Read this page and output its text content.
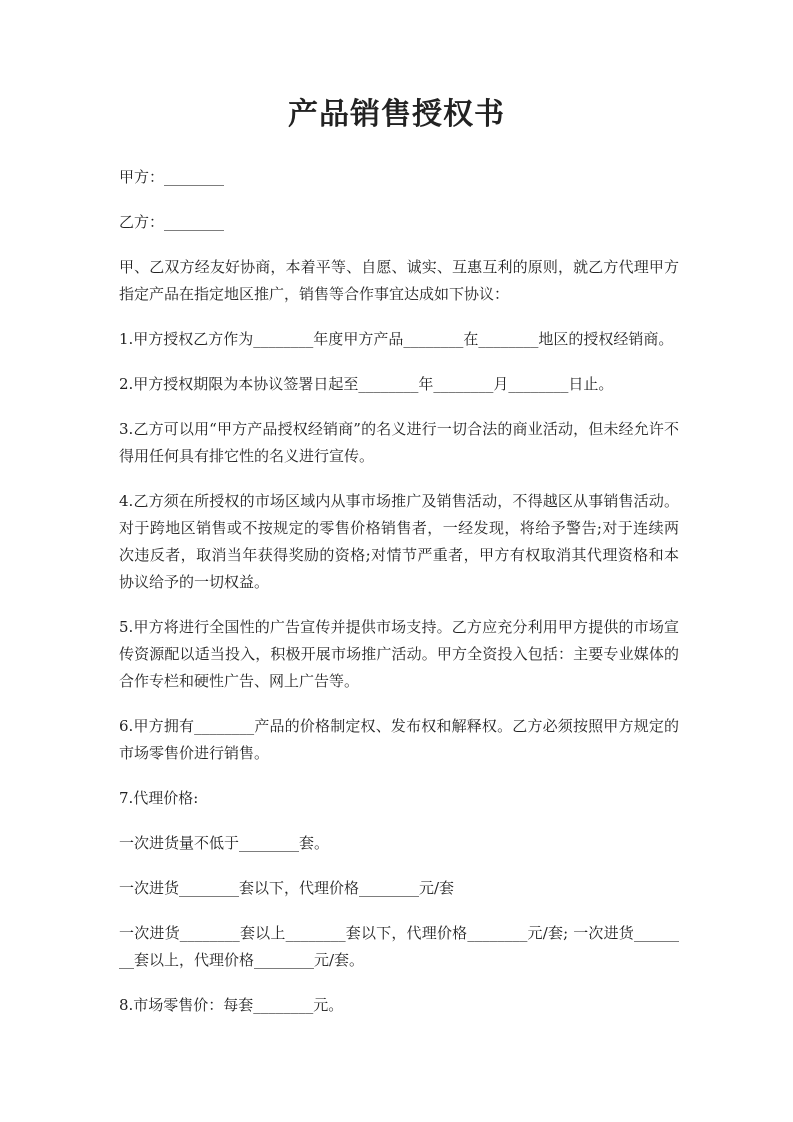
产品销售授权书

甲方：________

乙方：________

甲、乙双方经友好协商，本着平等、自愿、诚实、互惠互利的原则，就乙方代理甲方指定产品在指定地区推广，销售等合作事宜达成如下协议：

1.甲方授权乙方作为________年度甲方产品________在________地区的授权经销商。

2.甲方授权期限为本协议签署日起至________年________月________日止。

3.乙方可以用“甲方产品授权经销商”的名义进行一切合法的商业活动，但未经允许不得用任何具有排它性的名义进行宣传。

4.乙方须在所授权的市场区域内从事市场推广及销售活动，不得越区从事销售活动。对于跨地区销售或不按规定的零售价格销售者，一经发现，将给予警告;对于连续两次违反者，取消当年获得奖励的资格;对情节严重者，甲方有权取消其代理资格和本协议给予的一切权益。

5.甲方将进行全国性的广告宣传并提供市场支持。乙方应充分利用甲方提供的市场宣传资源配以适当投入，积极开展市场推广活动。甲方全资投入包括：主要专业媒体的合作专栏和硬性广告、网上广告等。

6.甲方拥有________产品的价格制定权、发布权和解释权。乙方必须按照甲方规定的市场零售价进行销售。

7.代理价格:

一次进货量不低于________套。

一次进货________套以下，代理价格________元/套

一次进货________套以上________套以下，代理价格________元/套; 一次进货________套以上，代理价格________元/套。

8.市场零售价：每套________元。
